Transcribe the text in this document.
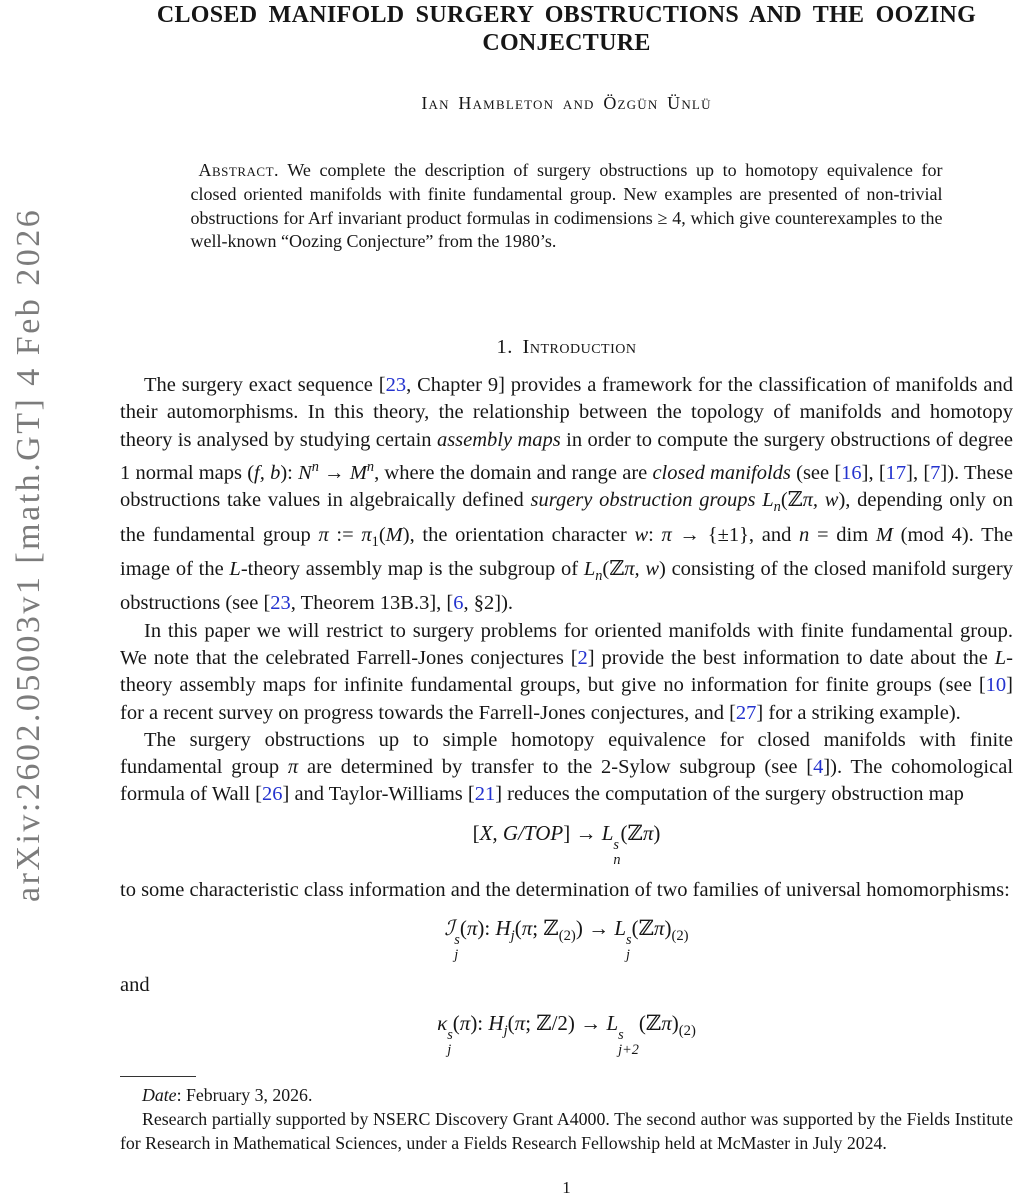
arXiv:2602.05003v1 [math.GT] 4 Feb 2026
CLOSED MANIFOLD SURGERY OBSTRUCTIONS AND THE OOZING CONJECTURE
Ian Hambleton and Özgün Ünlü
Abstract. We complete the description of surgery obstructions up to homotopy equivalence for closed oriented manifolds with finite fundamental group. New examples are presented of non-trivial obstructions for Arf invariant product formulas in codimensions ≥ 4, which give counterexamples to the well-known “Oozing Conjecture” from the 1980’s.
1. Introduction

The surgery exact sequence [23, Chapter 9] provides a framework for the classification of manifolds and their automorphisms. In this theory, the relationship between the topology of manifolds and homotopy theory is analysed by studying certain assembly maps in order to compute the surgery obstructions of degree 1 normal maps (f, b): $N^n \to M^n$, where the domain and range are closed manifolds (see [16], [17], [7]). These obstructions take values in algebraically defined surgery obstruction groups $L_n(ℤ\pi$, w), depending only on the fundamental group π := $\pi_1(M)$, the orientation character w: π → {±1}, and n = dim M (mod 4). The image of the L-theory assembly map is the subgroup of $L_n(ℤ\pi$, w) consisting of the closed manifold surgery obstructions (see [23, Theorem 13B.3], [6, §2]).

In this paper we will restrict to surgery problems for oriented manifolds with finite fundamental group. We note that the celebrated Farrell-Jones conjectures [2] provide the best information to date about the L-theory assembly maps for infinite fundamental groups, but give no information for finite groups (see [10] for a recent survey on progress towards the Farrell-Jones conjectures, and [27] for a striking example).

The surgery obstructions up to simple homotopy equivalence for closed manifolds with finite fundamental group π are determined by transfer to the 2-Sylow subgroup (see [4]). The cohomological formula of Wall [26] and Taylor-Williams [21] reduces the computation of the surgery obstruction map

[X, G/TOP] → L s
n
(ℤπ)

to some characteristic class information and the determination of two families of universal homomorphisms:

ℐ s
j
(π): $H_j(\pi$; ℤ$_{(2)}$) → L s
j
$(ℤ\pi)_{(2)}$

and

κ s
j
(π): $H_j(\pi$; ℤ/2) → L s
j+2
$(ℤ\pi)_{(2)}$

Date: February 3, 2026.

Research partially supported by NSERC Discovery Grant A4000. The second author was supported by the Fields Institute for Research in Mathematical Sciences, under a Fields Research Fellowship held at McMaster in July 2024.

1
